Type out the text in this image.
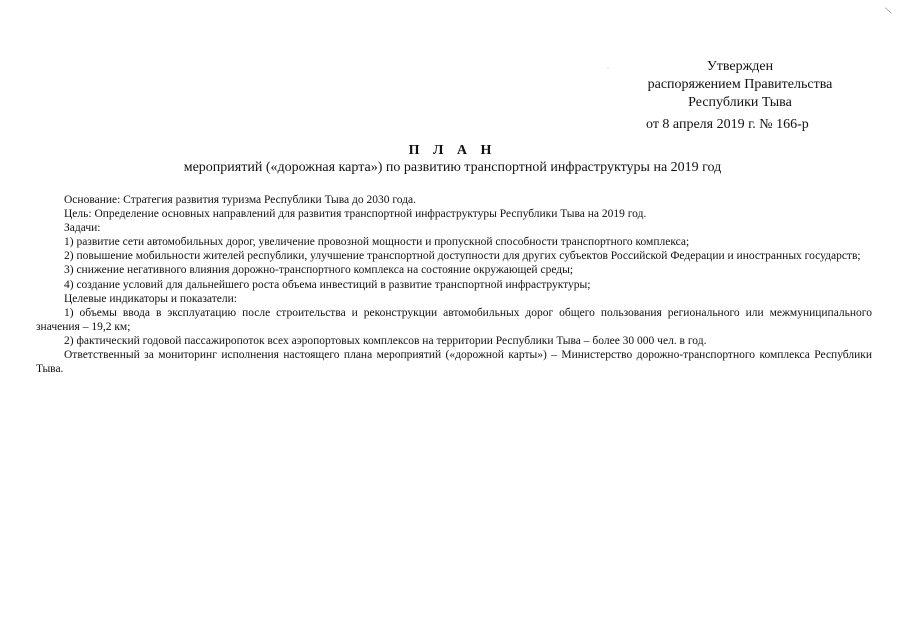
⟋
·	Утвержден
распоряжением Правительства
Республики Тыва
от 8 апреля 2019 г. № 166-р
П Л А Н
мероприятий («дорожная карта») по развитию транспортной инфраструктуры на 2019 год

Основание: Стратегия развития туризма Республики Тыва до 2030 года.

Цель: Определение основных направлений для развития транспортной инфраструктуры Республики Тыва на 2019 год.

Задачи:

1) развитие сети автомобильных дорог, увеличение провозной мощности и пропускной способности транспортного комплекса;

2) повышение мобильности жителей республики, улучшение транспортной доступности для других субъектов Российской Федерации и иностранных государств;

3) снижение негативного влияния дорожно-транспортного комплекса на состояние окружающей среды;

4) создание условий для дальнейшего роста объема инвестиций в развитие транспортной инфраструктуры;

Целевые индикаторы и показатели:

1) объемы ввода в эксплуатацию после строительства и реконструкции автомобильных дорог общего пользования регионального или межмуниципального значения – 19,2 км;

2) фактический годовой пассажиропоток всех аэропортовых комплексов на территории Республики Тыва – более 30 000 чел. в год.

Ответственный за мониторинг исполнения настоящего плана мероприятий («дорожной карты») – Министерство дорожно-транспортного комплекса Республики Тыва.
